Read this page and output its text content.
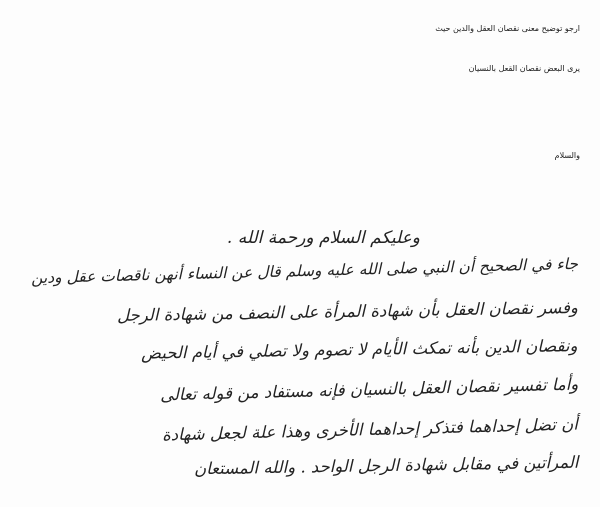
ارجو توضيح معنى نقصان العقل والدين حيث
يرى البعض نقصان القعل بالنسيان
والسلام
وعليكم السلام ورحمة الله .
جاء في الصحيح أن النبي صلى الله عليه وسلم قال عن النساء أنهن ناقصات عقل ودين
وفسر نقصان العقل بأن شهادة المرأة على النصف من شهادة الرجل
ونقصان الدين بأنه تمكث الأيام لا تصوم ولا تصلي في أيام الحيض
وأما تفسير نقصان العقل بالنسيان فإنه مستفاد من قوله تعالى
أن تضل إحداهما فتذكر إحداهما الأخرى وهذا علة لجعل شهادة
المرأتين في مقابل شهادة الرجل الواحد . والله المستعان
